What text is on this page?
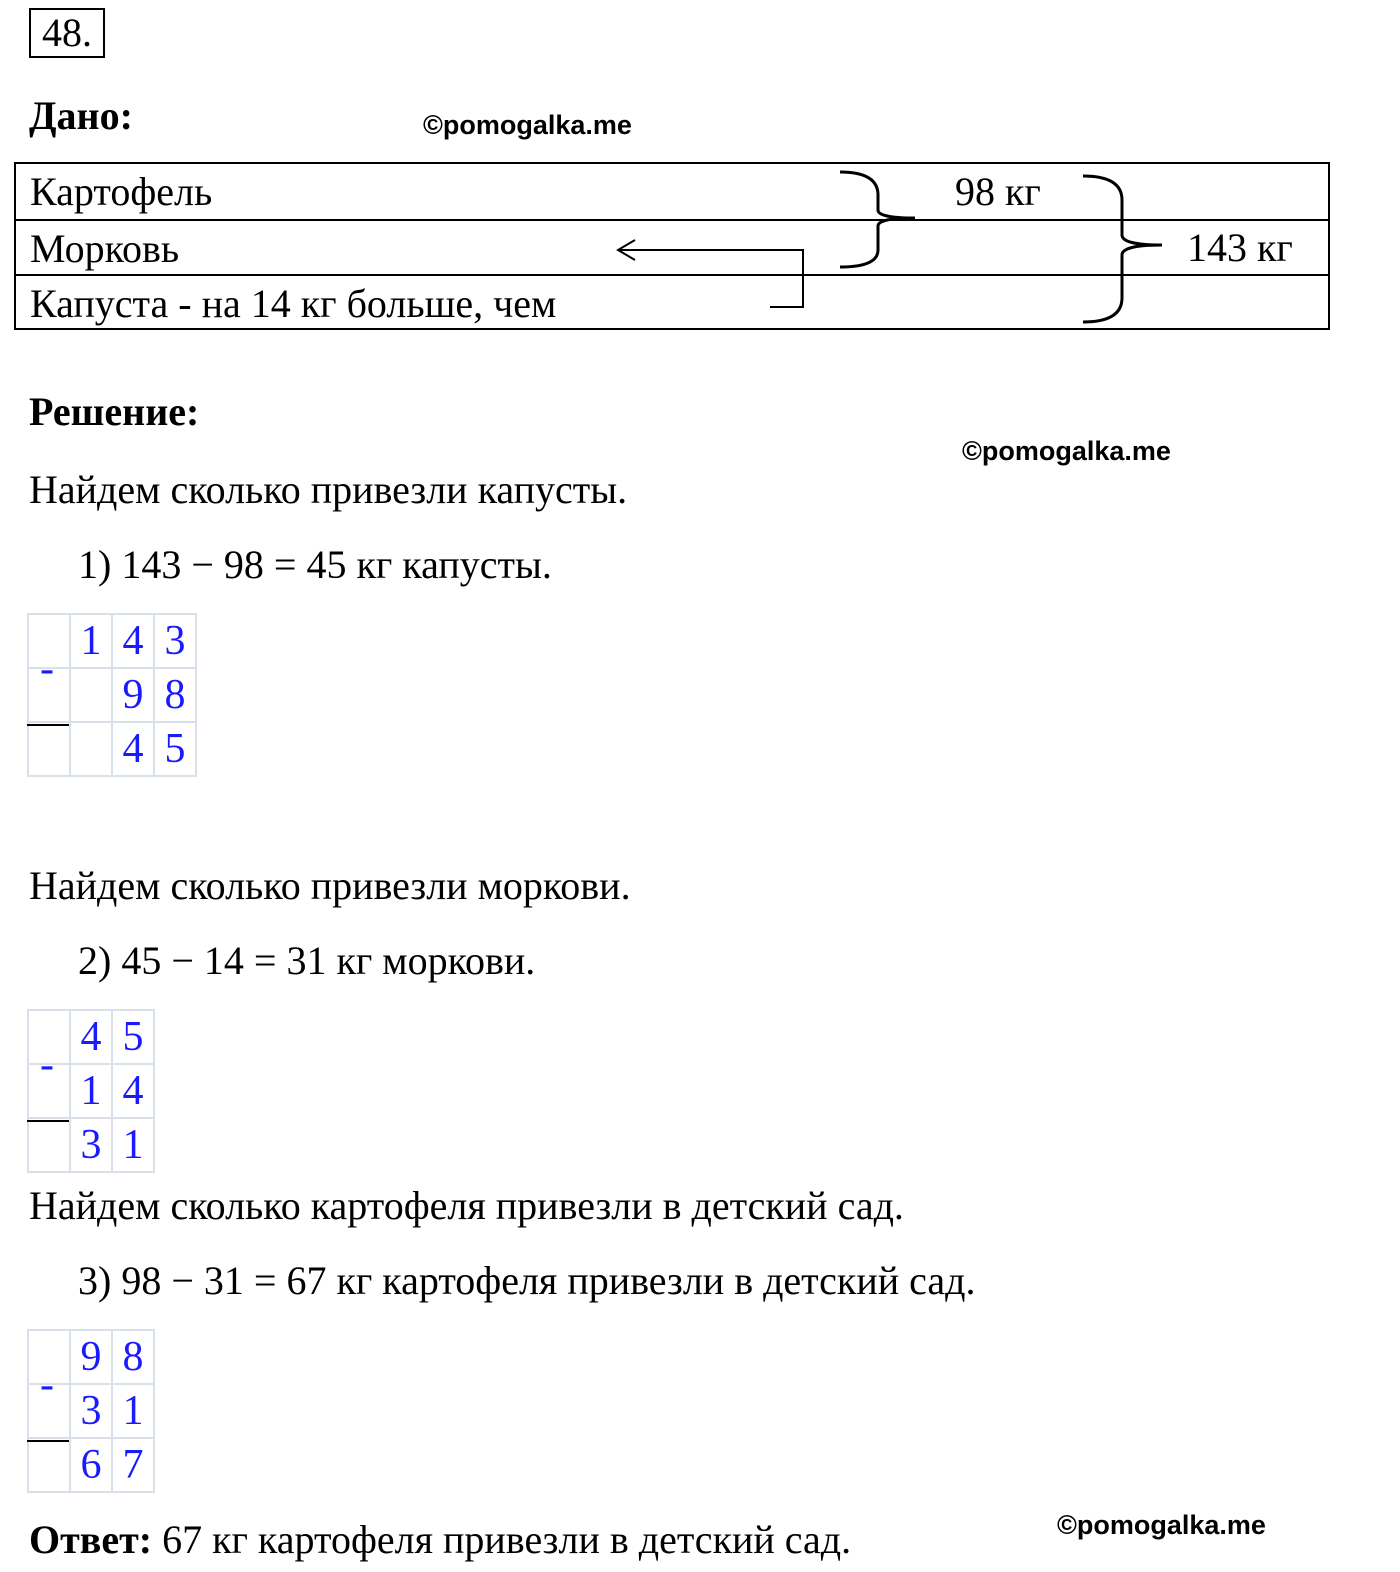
48.
Дано:	©pomogalka.me
Картофель
Морковь
Капуста - на 14 кг больше, чем
98 кг
143 кг
Решение:
©pomogalka.me
Найдем сколько привезли капусты.
1) 143 − 98 = 45 кг капусты.
	1	4	3
		9	8
		4	5
-
Найдем сколько привезли моркови.
2) 45 − 14 = 31 кг моркови.
	4	5
	1	4
	3	1
-
Найдем сколько картофеля привезли в детский сад.
3) 98 − 31 = 67 кг картофеля привезли в детский сад.
	9	8
	3	1
	6	7
-
Ответ: 67 кг картофеля привезли в детский сад.	©pomogalka.me
